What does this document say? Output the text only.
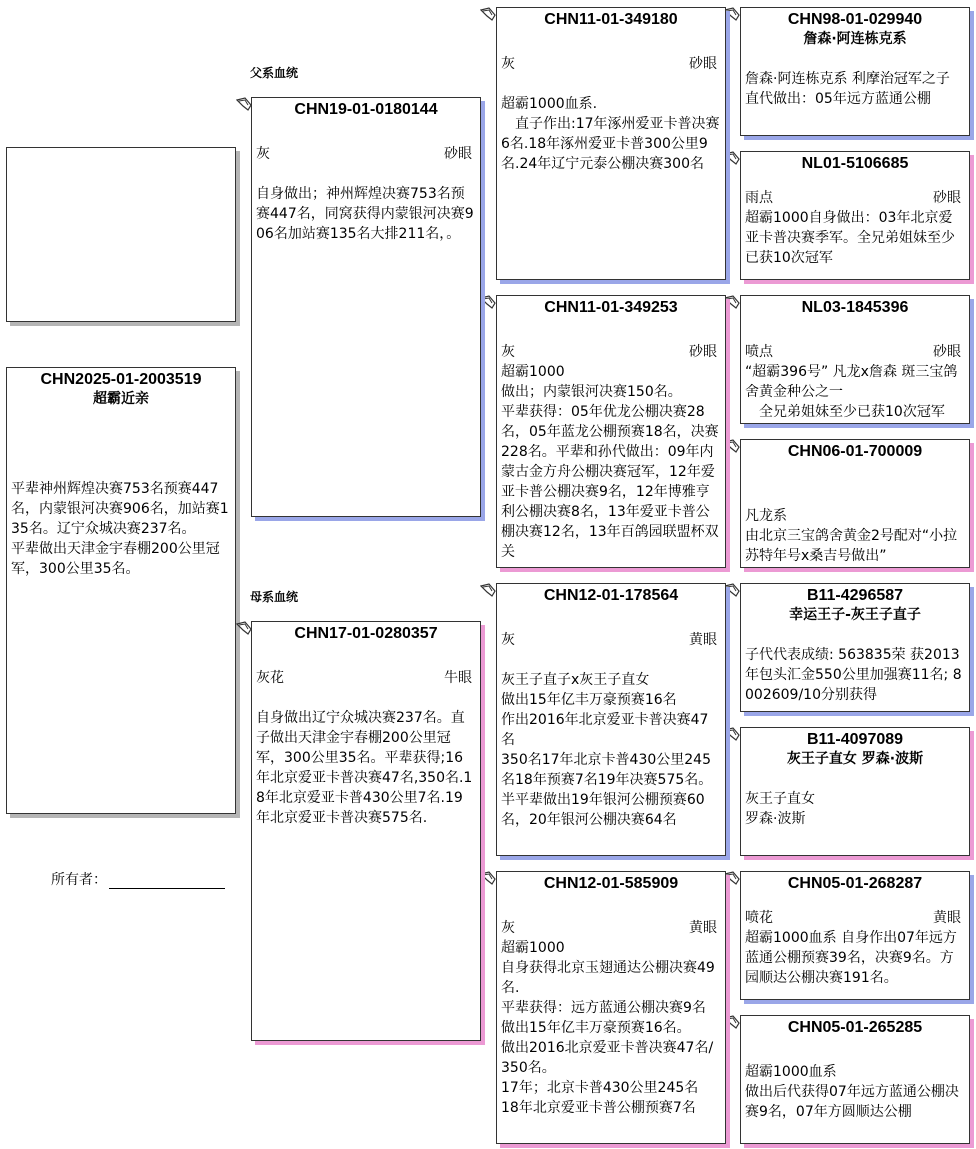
CHN2025-01-2003519
超霸近亲
平辈神州辉煌决赛753名预赛447名，内蒙银河决赛906名，加站赛135名。辽宁众城决赛237名。
平辈做出天津金宇春棚200公里冠军，300公里35名。
所有者：
父系血统
母系血统
CHN19-01-0180144
灰	砂眼
自身做出；神州辉煌决赛753名预赛447名，同窝获得内蒙银河决赛906名加站赛135名大排211名，。
CHN17-01-0280357
灰花	牛眼
自身做出辽宁众城决赛237名。直子做出天津金宇春棚200公里冠军，300公里35名。平辈获得;16年北京爱亚卡普决赛47名,350名.18年北京爱亚卡普430公里7名.19年北京爱亚卡普决赛575名.
CHN11-01-349180
灰	砂眼
超霸1000血系.
　直子作出:17年涿州爱亚卡普决赛6名.18年涿州爱亚卡普300公里9名.24年辽宁元泰公棚决赛300名
CHN11-01-349253
灰	砂眼
超霸1000
做出；内蒙银河决赛150名。
平辈获得：05年优龙公棚决赛28名，05年蓝龙公棚预赛18名，决赛228名。平辈和孙代做出：09年内蒙古金方舟公棚决赛冠军，12年爱亚卡普公棚决赛9名，12年博雅亨利公棚决赛8名，13年爱亚卡普公棚决赛12名，13年百鸽园联盟杯双关
CHN12-01-178564
灰	黄眼
灰王子直子x灰王子直女
做出15年亿丰万豪预赛16名
作出2016年北京爱亚卡普决赛47名
350名17年北京卡普430公里245名18年预赛7名19年决赛575名。半平辈做出19年银河公棚预赛60名，20年银河公棚决赛64名
CHN12-01-585909
灰	黄眼
超霸1000
自身获得北京玉翅通达公棚决赛49名.
平辈获得：远方蓝通公棚决赛9名
做出15年亿丰万豪预赛16名。
做出2016北京爱亚卡普决赛47名/350名。
17年；北京卡普430公里245名
18年北京爱亚卡普公棚预赛7名
CHN98-01-029940
詹森·阿连栋克系
詹森·阿连栋克系 利摩治冠军之子
直代做出：05年远方蓝通公棚
NL01-5106685
雨点	砂眼
超霸1000自身做出：03年北京爱亚卡普决赛季军。全兄弟姐妹至少已获10次冠军
NL03-1845396
喷点	砂眼
“超霸396号” 凡龙x詹森 斑三宝鸽舍黄金种公之一
　全兄弟姐妹至少已获10次冠军
CHN06-01-700009
凡龙系
由北京三宝鸽舍黄金2号配对“小拉苏特年号x桑吉号做出”
B11-4296587
幸运王子-灰王子直子
子代代表成绩: 563835荣 获2013年包头汇金550公里加强赛11名; 8002609/10分别获得
B11-4097089
灰王子直女 罗森·波斯
灰王子直女
罗森·波斯
CHN05-01-268287
喷花	黄眼
超霸1000血系 自身作出07年远方蓝通公棚预赛39名，决赛9名。方园顺达公棚决赛191名。
CHN05-01-265285
超霸1000血系
做出后代获得07年远方蓝通公棚决赛9名，07年方圆顺达公棚
